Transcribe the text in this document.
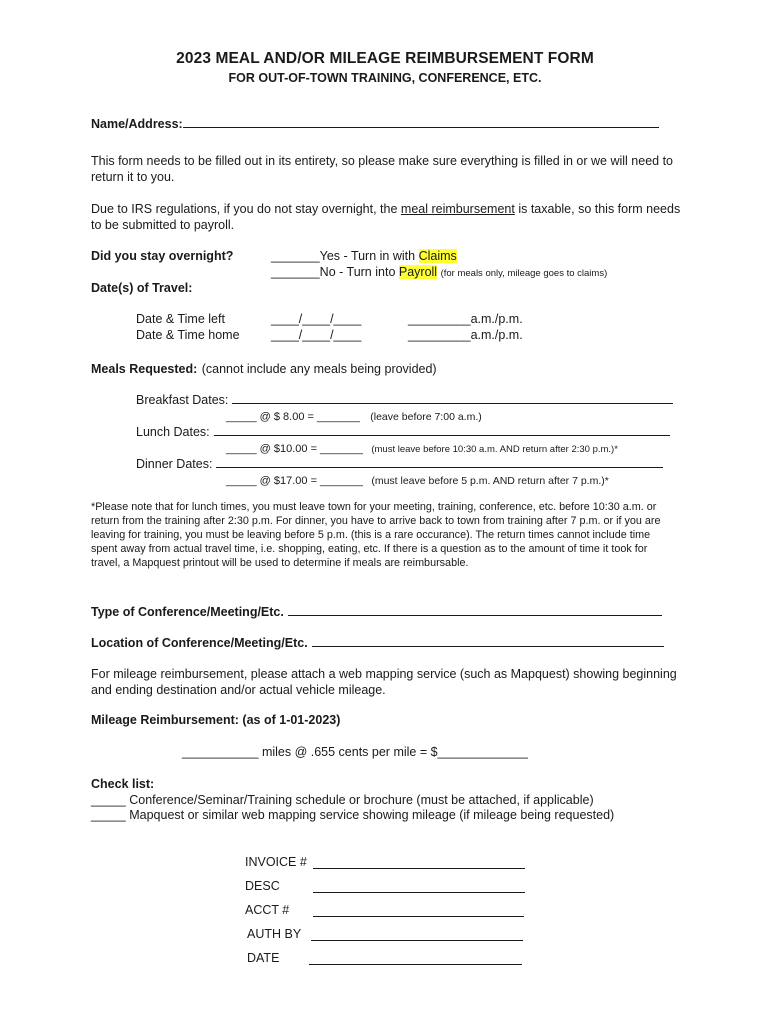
2023 MEAL AND/OR MILEAGE REIMBURSEMENT FORM
FOR OUT-OF-TOWN TRAINING, CONFERENCE, ETC.
Name/Address:

This form needs to be filled out in its entirety, so please make sure everything is filled in or we will need to return it to you.

Due to IRS regulations, if you do not stay overnight, the meal reimbursement is taxable, so this form needs to be submitted to payroll.

Did you stay overnight?	_______Yes - Turn in with Claims
_______No - Turn into Payroll (for meals only, mileage goes to claims)
Date(s) of Travel:
Date & Time left	____/____/____	_________a.m./p.m.
Date & Time home	____/____/____	_________a.m./p.m.
Meals Requested: (cannot include any meals being provided)
Breakfast Dates:
_____ @ $ 8.00 = _______ (leave before 7:00 a.m.)
Lunch Dates:
_____ @ $10.00 = _______ (must leave before 10:30 a.m. AND return after 2:30 p.m.)*
Dinner Dates:
_____ @ $17.00 = _______ (must leave before 5 p.m. AND return after 7 p.m.)*

*Please note that for lunch times, you must leave town for your meeting, training, conference, etc. before 10:30 a.m. or return from the training after 2:30 p.m. For dinner, you have to arrive back to town from training after 7 p.m. or if you are leaving for training, you must be leaving before 5 p.m. (this is a rare occurance). The return times cannot include time spent away from actual travel time, i.e. shopping, eating, etc. If there is a question as to the amount of time it took for travel, a Mapquest printout will be used to determine if meals are reimbursable.

Type of Conference/Meeting/Etc.
Location of Conference/Meeting/Etc.

For mileage reimbursement, please attach a web mapping service (such as Mapquest) showing beginning and ending destination and/or actual vehicle mileage.

Mileage Reimbursement: (as of 1-01-2023)
___________ miles @ .655 cents per mile = $_____________
Check list:
_____ Conference/Seminar/Training schedule or brochure (must be attached, if applicable)
_____ Mapquest or similar web mapping service showing mileage (if mileage being requested)
INVOICE #
DESC
ACCT #
AUTH BY
DATE
